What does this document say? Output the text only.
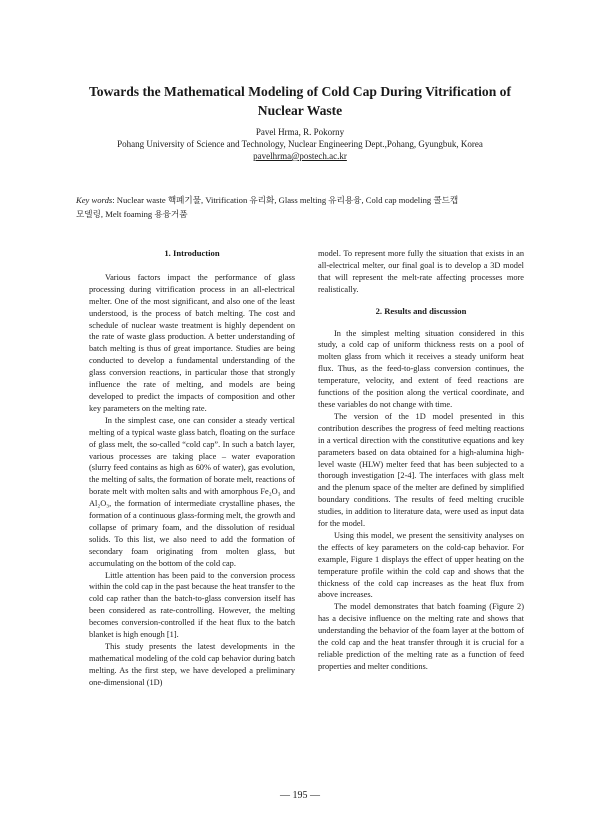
Towards the Mathematical Modeling of Cold Cap During Vitrification of
Nuclear Waste
Pavel Hrma, R. Pokorny
Pohang University of Science and Technology, Nuclear Engineering Dept.,Pohang, Gyungbuk, Korea
pavelhrma@postech.ac.kr
Key words: Nuclear waste 핵폐기물, Vitrification 유리화, Glass melting 유리용융, Cold cap modeling 콜드캡
모델링, Melt foaming 용융거품
1. Introduction

Various factors impact the performance of glass processing during vitrification process in an all-electrical melter. One of the most significant, and also one of the least understood, is the process of batch melting. The cost and schedule of nuclear waste treatment is highly dependent on the rate of waste glass production. A better understanding of batch melting is thus of great importance. Studies are being conducted to develop a fundamental understanding of the glass conversion reactions, in particular those that strongly influence the rate of melting, and models are being developed to predict the impacts of composition and other key parameters on the melting rate.

In the simplest case, one can consider a steady vertical melting of a typical waste glass batch, floating on the surface of glass melt, the so-called “cold cap”. In such a batch layer, various processes are taking place – water evaporation (slurry feed contains as high as 60% of water), gas evolution, the melting of salts, the formation of borate melt, reactions of borate melt with molten salts and with amorphous Fe₂O₃ and Al₂O₃, the formation of intermediate crystalline phases, the formation of a continuous glass-forming melt, the growth and collapse of primary foam, and the dissolution of residual solids. To this list, we also need to add the formation of secondary foam originating from molten glass, but accumulating on the bottom of the cold cap.

Little attention has been paid to the conversion process within the cold cap in the past because the heat transfer to the cold cap rather than the batch-to-glass conversion itself has been considered as rate-controlling. However, the melting becomes conversion-controlled if the heat flux to the batch blanket is high enough [1].

This study presents the latest developments in the mathematical modeling of the cold cap behavior during batch melting. As the first step, we have developed a preliminary one-dimensional (1D)

model. To represent more fully the situation that exists in an all-electrical melter, our final goal is to develop a 3D model that will represent the melt-rate affecting processes more realistically.

2. Results and discussion

In the simplest melting situation considered in this study, a cold cap of uniform thickness rests on a pool of molten glass from which it receives a steady uniform heat flux. Thus, as the feed-to-glass conversion continues, the temperature, velocity, and extent of feed reactions are functions of the position along the vertical coordinate, and these variables do not change with time.

The version of the 1D model presented in this contribution describes the progress of feed melting reactions in a vertical direction with the constitutive equations and key parameters based on data obtained for a high-alumina high-level waste (HLW) melter feed that has been subjected to a thorough investigation [2-4]. The interfaces with glass melt and the plenum space of the melter are defined by simplified boundary conditions. The results of feed melting crucible studies, in addition to literature data, were used as input data for the model.

Using this model, we present the sensitivity analyses on the effects of key parameters on the cold-cap behavior. For example, Figure 1 displays the effect of upper heating on the temperature profile within the cold cap and shows that the thickness of the cold cap increases as the heat flux from above increases.

The model demonstrates that batch foaming (Figure 2) has a decisive influence on the melting rate and shows that understanding the behavior of the foam layer at the bottom of the cold cap and the heat transfer through it is crucial for a reliable prediction of the melting rate as a function of feed properties and melter conditions.

— 195 —
